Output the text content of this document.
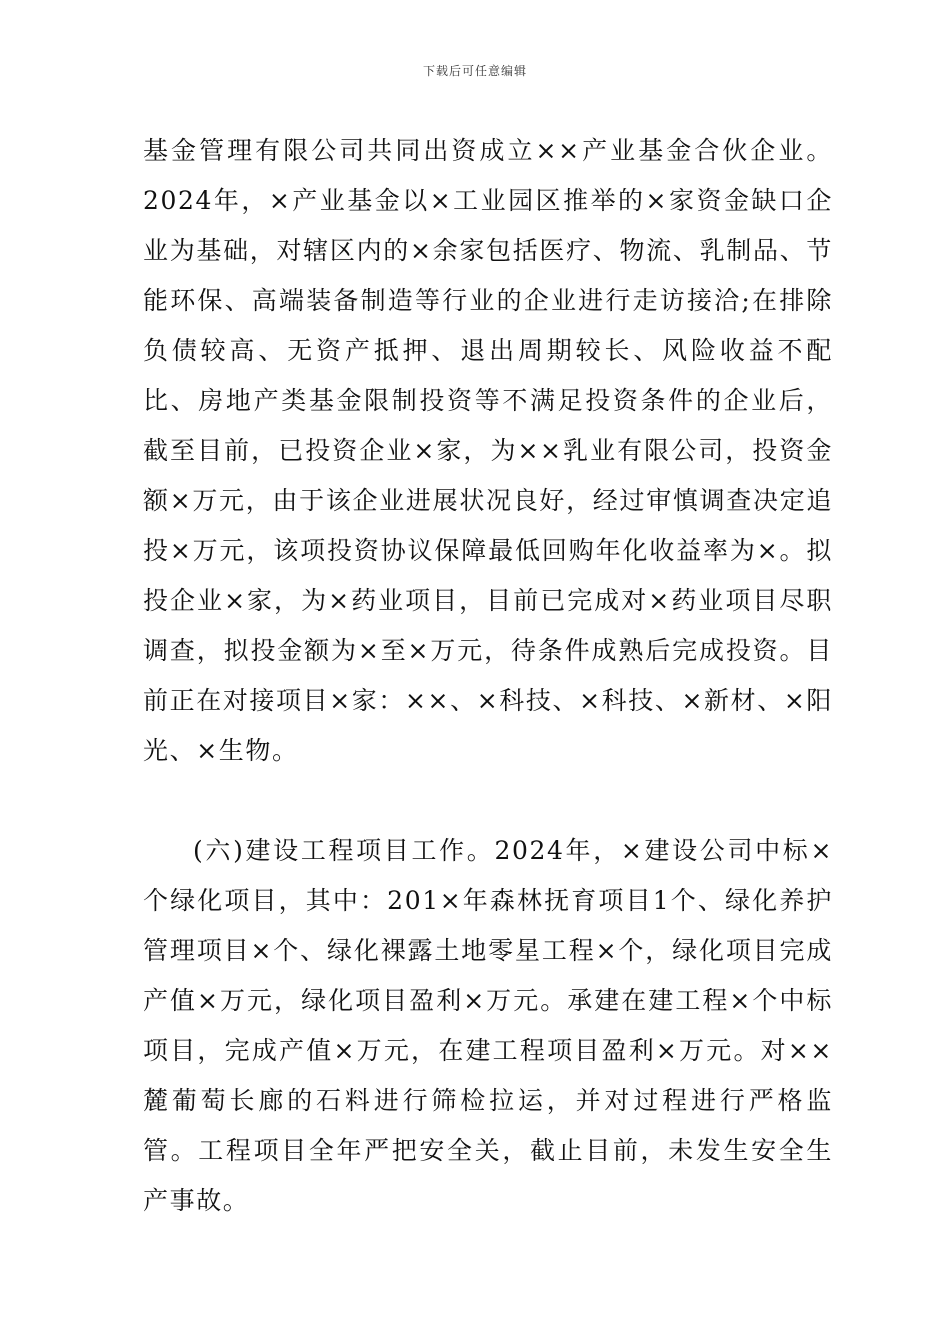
下载后可任意编辑

基金管理有限公司共同出资成立××产业基金合伙企业。2024年，×产业基金以×工业园区推举的×家资金缺口企业为基础，对辖区内的×余家包括医疗、物流、乳制品、节能环保、高端装备制造等行业的企业进行走访接洽;在排除负债较高、无资产抵押、退出周期较长、风险收益不配比、房地产类基金限制投资等不满足投资条件的企业后，截至目前，已投资企业×家，为××乳业有限公司，投资金额×万元，由于该企业进展状况良好，经过审慎调查决定追投×万元，该项投资协议保障最低回购年化收益率为×。拟投企业×家，为×药业项目，目前已完成对×药业项目尽职调查，拟投金额为×至×万元，待条件成熟后完成投资。目前正在对接项目×家：××、×科技、×科技、×新材、×阳光、×生物。

(六)建设工程项目工作。2024年，×建设公司中标×个绿化项目，其中：201×年森林抚育项目1个、绿化养护管理项目×个、绿化裸露土地零星工程×个，绿化项目完成产值×万元，绿化项目盈利×万元。承建在建工程×个中标项目，完成产值×万元，在建工程项目盈利×万元。对××麓葡萄长廊的石料进行筛检拉运，并对过程进行严格监管。工程项目全年严把安全关，截止目前，未发生安全生产事故。
